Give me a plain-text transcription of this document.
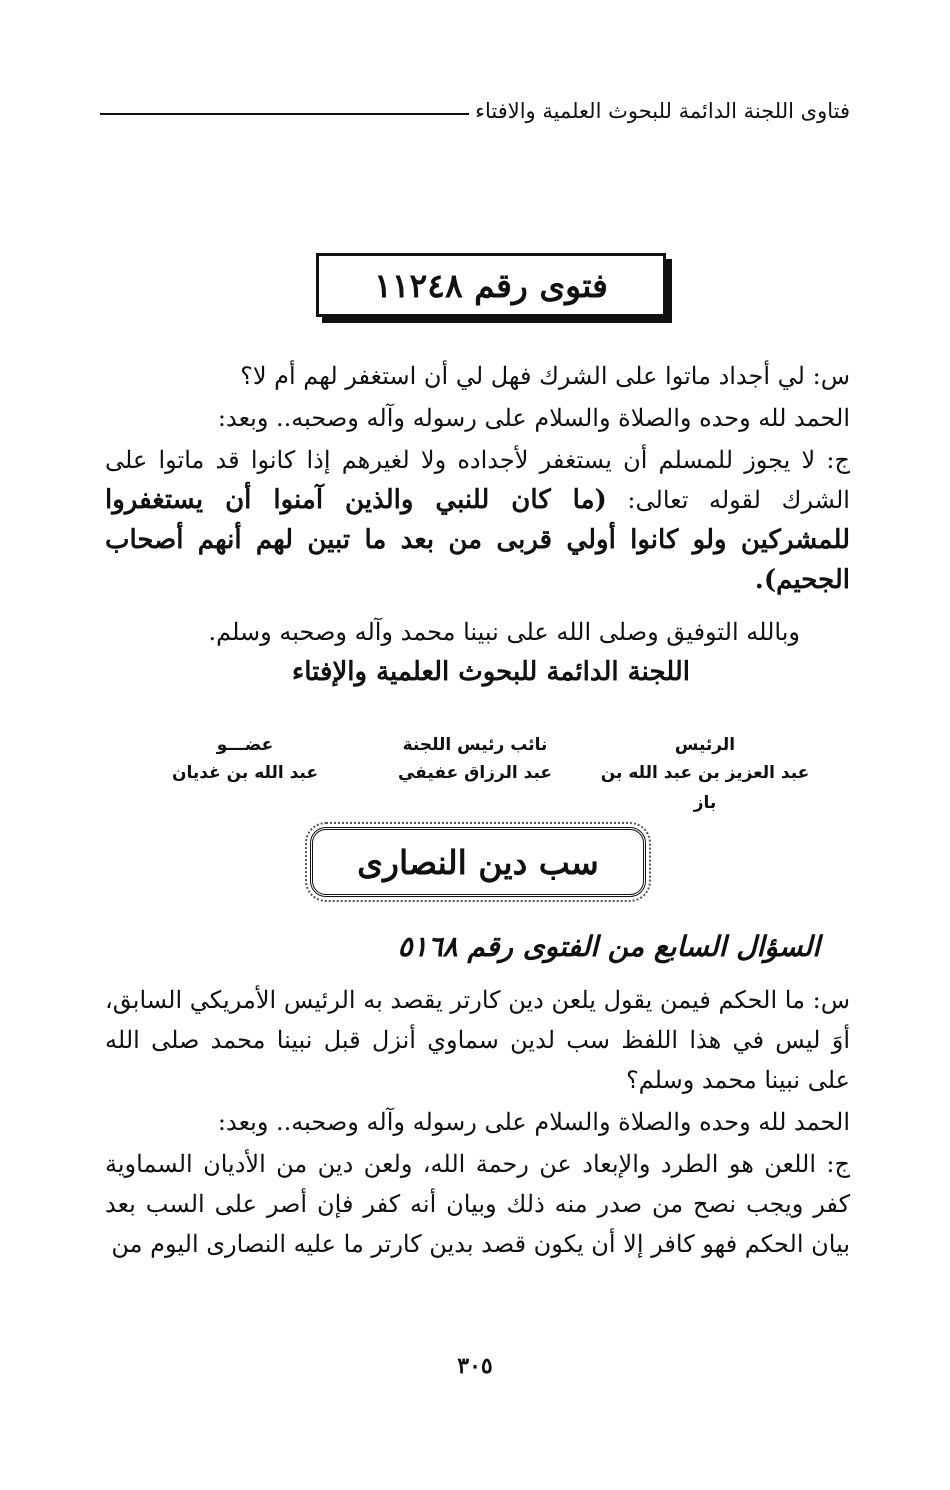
فتاوى اللجنة الدائمة للبحوث العلمية والافتاء
فتوى رقم ١١٢٤٨
س: لي أجداد ماتوا على الشرك فهل لي أن استغفر لهم أم لا؟
الحمد لله وحده والصلاة والسلام على رسوله وآله وصحبه.. وبعد:
ج: لا يجوز للمسلم أن يستغفر لأجداده ولا لغيرهم إذا كانوا قد ماتوا على الشرك لقوله تعالى: (ما كان للنبي والذين آمنوا أن يستغفروا للمشركين ولو كانوا أولي قربى من بعد ما تبين لهم أنهم أصحاب الجحيم).
وبالله التوفيق وصلى الله على نبينا محمد وآله وصحبه وسلم.
اللجنة الدائمة للبحوث العلمية والإفتاء
الرئيس
عبد العزيز بن عبد الله بن باز
نائب رئيس اللجنة
عبد الرزاق عفيفي
عضـــو
عبد الله بن غديان
سب دين النصارى
السؤال السابع من الفتوى رقم ٥١٦٨
س: ما الحكم فيمن يقول يلعن دين كارتر يقصد به الرئيس الأمريكي السابق، أوَ ليس في هذا اللفظ سب لدين سماوي أنزل قبل نبينا محمد صلى الله على نبينا محمد وسلم؟
الحمد لله وحده والصلاة والسلام على رسوله وآله وصحبه.. وبعد:
ج: اللعن هو الطرد والإبعاد عن رحمة الله، ولعن دين من الأديان السماوية كفر ويجب نصح من صدر منه ذلك وبيان أنه كفر فإن أصر على السب بعد بيان الحكم فهو كافر إلا أن يكون قصد بدين كارتر ما عليه النصارى اليوم من
٣٠٥
